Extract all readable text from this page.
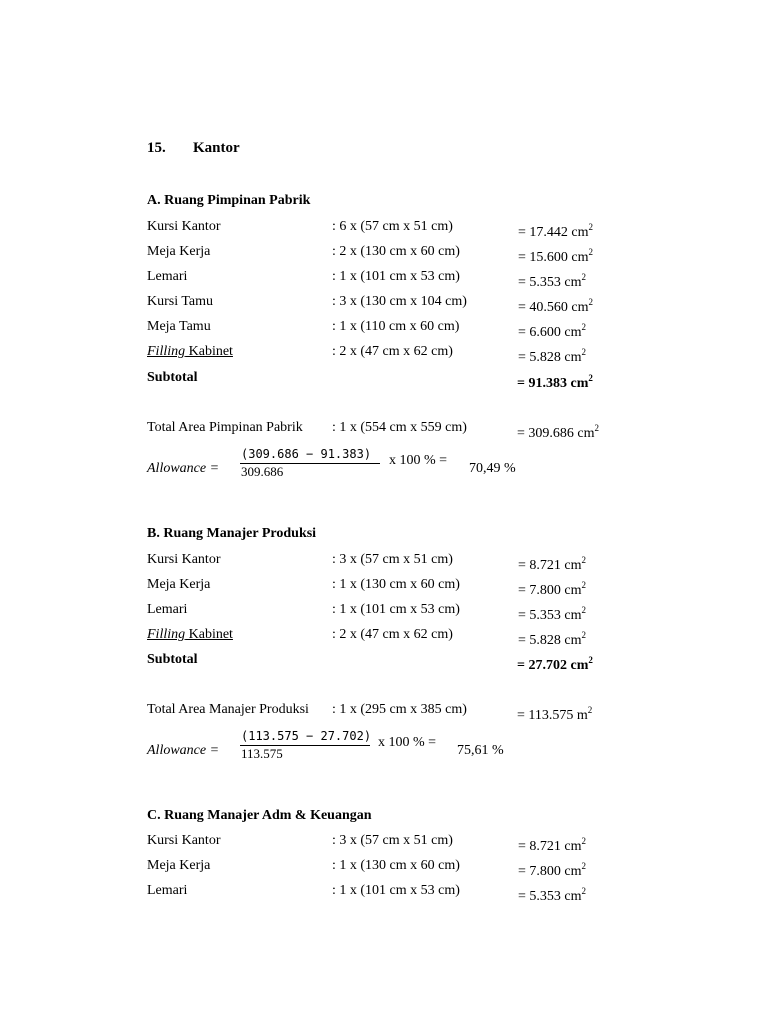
15. Kantor
A. Ruang Pimpinan Pabrik
Kursi Kantor	: 6 x (57 cm x 51 cm)	= 17.442 $cm^2$
Meja Kerja	: 2 x (130 cm x 60 cm)	= 15.600 $cm^2$
Lemari	: 1 x (101 cm x 53 cm)	= 5.353 $cm^2$
Kursi Tamu	: 3 x (130 cm x 104 cm)	= 40.560 $cm^2$
Meja Tamu	: 1 x (110 cm x 60 cm)	= 6.600 $cm^2$
Filling Kabinet	: 2 x (47 cm x 62 cm)	= 5.828 $cm^2$
Subtotal	= 91.383 $cm^2$
Total Area Pimpinan Pabrik : 1 x (554 cm x 559 cm)	= 309.686 $cm^2$
Allowance =
(309.686 − 91.383)
309.686
x 100 % =
70,49 %
B. Ruang Manajer Produksi
Kursi Kantor	: 3 x (57 cm x 51 cm)	= 8.721 $cm^2$
Meja Kerja	: 1 x (130 cm x 60 cm)	= 7.800 $cm^2$
Lemari	: 1 x (101 cm x 53 cm)	= 5.353 $cm^2$
Filling Kabinet	: 2 x (47 cm x 62 cm)	= 5.828 $cm^2$
Subtotal	= 27.702 $cm^2$
Total Area Manajer Produksi : 1 x (295 cm x 385 cm)	= 113.575 $m^2$
Allowance =
(113.575 − 27.702)
113.575
x 100 % =
75,61 %
C. Ruang Manajer Adm & Keuangan
Kursi Kantor	: 3 x (57 cm x 51 cm)	= 8.721 $cm^2$
Meja Kerja	: 1 x (130 cm x 60 cm)	= 7.800 $cm^2$
Lemari	: 1 x (101 cm x 53 cm)	= 5.353 $cm^2$
